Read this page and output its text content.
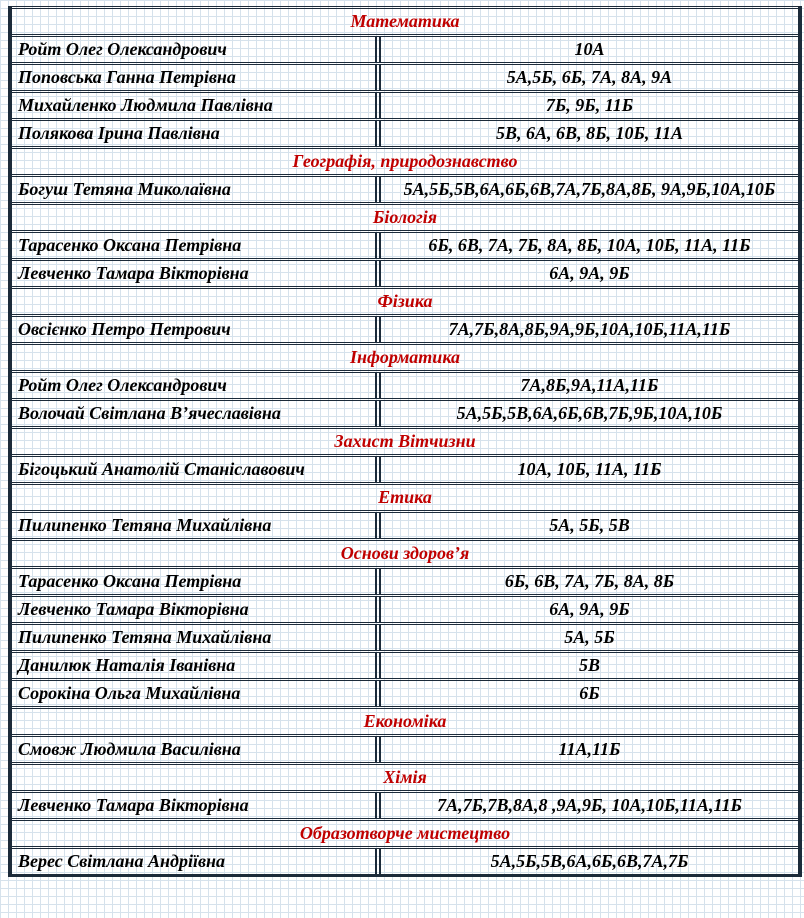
Математика
Ройт Олег Олександрович	10А
Поповська Ганна Петрівна	5А,5Б, 6Б, 7А, 8А, 9А
Михайленко Людмила Павлівна	7Б, 9Б, 11Б
Полякова Ірина Павлівна	5В, 6А, 6В, 8Б, 10Б, 11А
Географія, природознавство
Богуш Тетяна Миколаївна	5А,5Б,5В,6А,6Б,6В,7А,7Б,8А,8Б, 9А,9Б,10А,10Б
Біологія
Тарасенко Оксана Петрівна	6Б, 6В, 7А, 7Б, 8А, 8Б, 10А, 10Б, 11А, 11Б
Левченко Тамара Вікторівна	6А, 9А, 9Б
Фізика
Овсієнко Петро Петрович	7А,7Б,8А,8Б,9А,9Б,10А,10Б,11А,11Б
Інформатика
Ройт Олег Олександрович	7А,8Б,9А,11А,11Б
Волочай Світлана В’ячеславівна	5А,5Б,5В,6А,6Б,6В,7Б,9Б,10А,10Б
Захист Вітчизни
Бігоцький Анатолій Станіславович	10А, 10Б, 11А, 11Б
Етика
Пилипенко Тетяна Михайлівна	5А, 5Б, 5В
Основи здоров’я
Тарасенко Оксана Петрівна	6Б, 6В, 7А, 7Б, 8А, 8Б
Левченко Тамара Вікторівна	6А, 9А, 9Б
Пилипенко Тетяна Михайлівна	5А, 5Б
Данилюк Наталія Іванівна	5В
Сорокіна Ольга Михайлівна	6Б
Економіка
Смовж Людмила Василівна	11А,11Б
Хімія
Левченко Тамара Вікторівна	7А,7Б,7В,8А,8 ,9А,9Б, 10А,10Б,11А,11Б
Образотворче мистецтво
Верес Світлана Андріївна	5А,5Б,5В,6А,6Б,6В,7А,7Б
